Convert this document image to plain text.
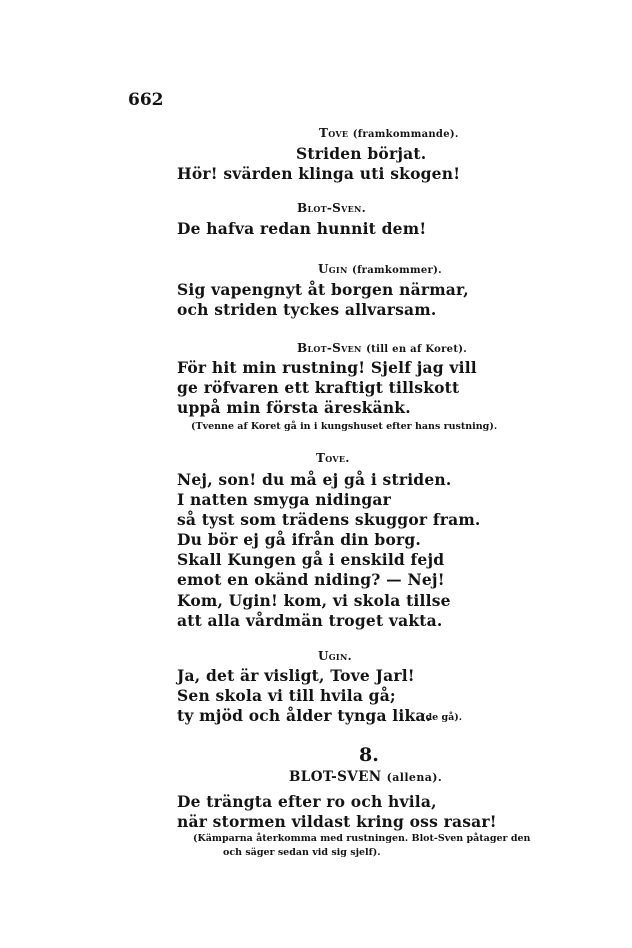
662
Tove (framkommande).
Striden börjat.
Hör! svärden klinga uti skogen!
Blot-Sven.
De hafva redan hunnit dem!
Ugin (framkommer).
Sig vapengnyt åt borgen närmar,
och striden tyckes allvarsam.
Blot-Sven (till en af Koret).
För hit min rustning! Sjelf jag vill
ge röfvaren ett kraftigt tillskott
uppå min första äreskänk.
(Tvenne af Koret gå in i kungshuset efter hans rustning).
Tove.
Nej, son! du må ej gå i striden.
I natten smyga nidingar
så tyst som trädens skuggor fram.
Du bör ej gå ifrån din borg.
Skall Kungen gå i enskild fejd
emot en okänd niding? — Nej!
Kom, Ugin! kom, vi skola tillse
att alla vårdmän troget vakta.
Ugin.
Ja, det är visligt, Tove Jarl!
Sen skola vi till hvila gå;
ty mjöd och ålder tynga lika.
(de gå).
8.
BLOT-SVEN (allena).
De trängta efter ro och hvila,
när stormen vildast kring oss rasar!
(Kämparna återkomma med rustningen. Blot-Sven påtager den
och säger sedan vid sig sjelf).
